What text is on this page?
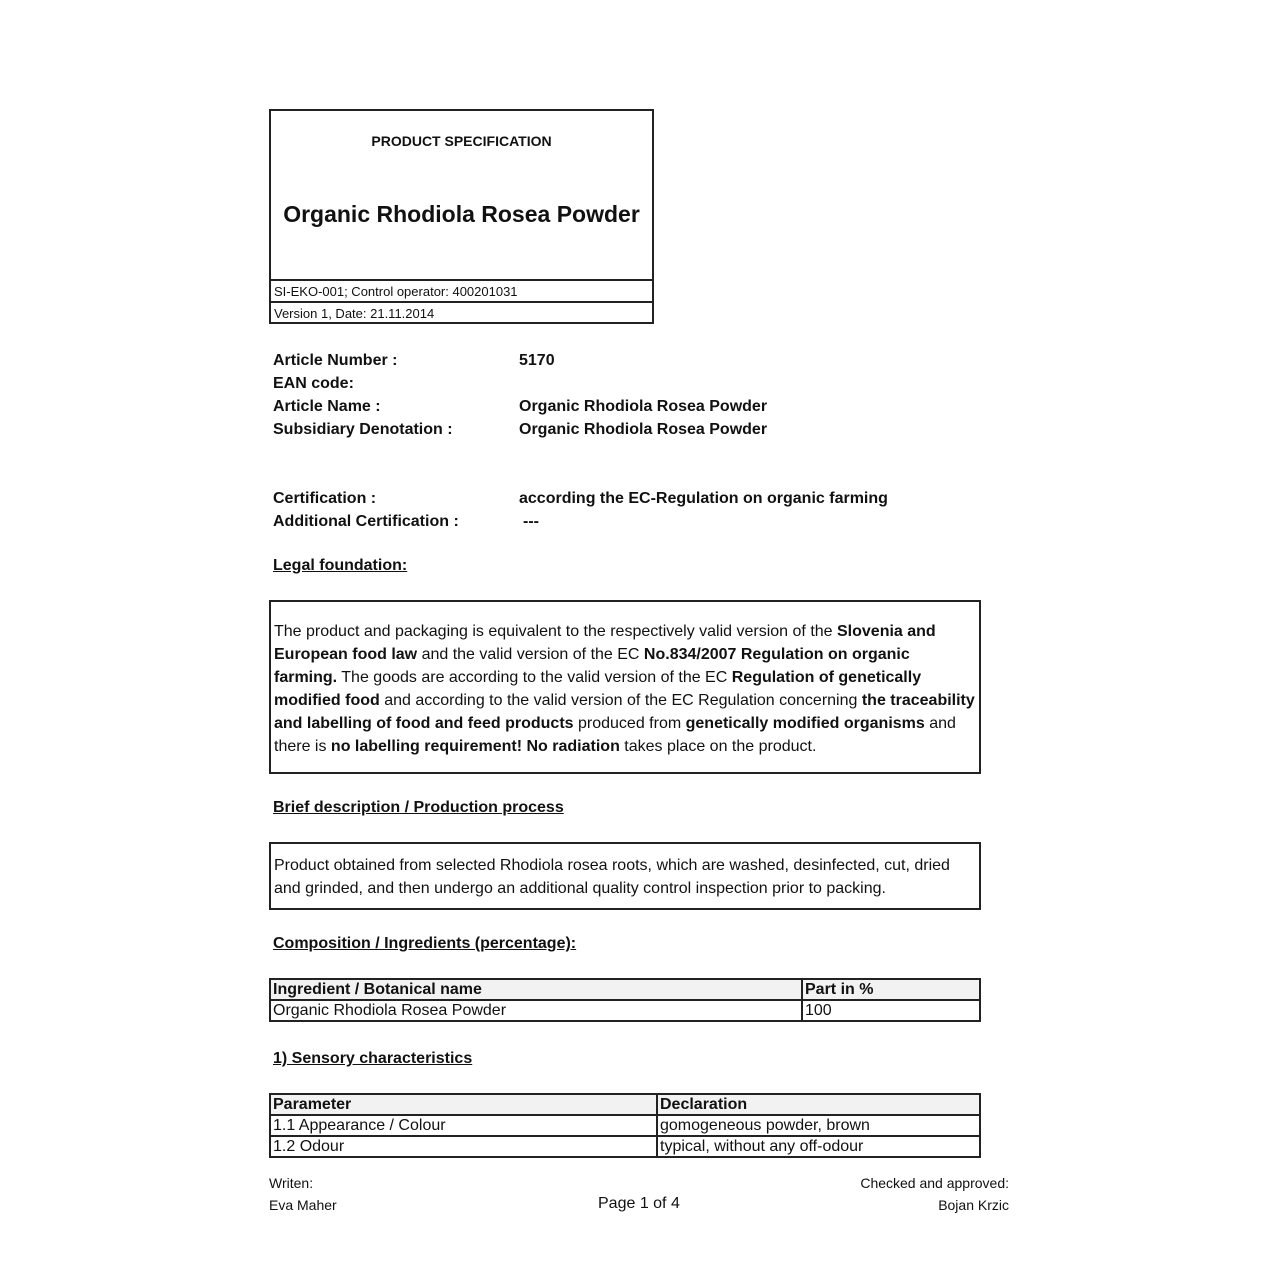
PRODUCT SPECIFICATION
Organic Rhodiola Rosea Powder
SI-EKO-001; Control operator: 400201031
Version 1, Date: 21.11.2014
Article Number :	5170
EAN code:
Article Name :	Organic Rhodiola Rosea Powder
Subsidiary Denotation :	Organic Rhodiola Rosea Powder
Certification :	according the EC-Regulation on organic farming
Additional Certification :	---
Legal foundation:
The product and packaging is equivalent to the respectively valid version of the Slovenia and European food law and the valid version of the EC No.834/2007 Regulation on organic farming. The goods are according to the valid version of the EC Regulation of genetically modified food and according to the valid version of the EC Regulation concerning the traceability and labelling of food and feed products produced from genetically modified organisms and there is no labelling requirement! No radiation takes place on the product.
Brief description / Production process
Product obtained from selected Rhodiola rosea roots, which are washed, desinfected, cut, dried and grinded, and then undergo an additional quality control inspection prior to packing.
Composition / Ingredients (percentage):
Ingredient / Botanical name	Part in %
Organic Rhodiola Rosea Powder	100
1) Sensory characteristics
Parameter	Declaration
1.1 Appearance / Colour	gomogeneous powder, brown
1.2 Odour	typical, without any off-odour
Writen:
Eva Maher	Page 1 of 4
Checked and approved:
Bojan Krzic
